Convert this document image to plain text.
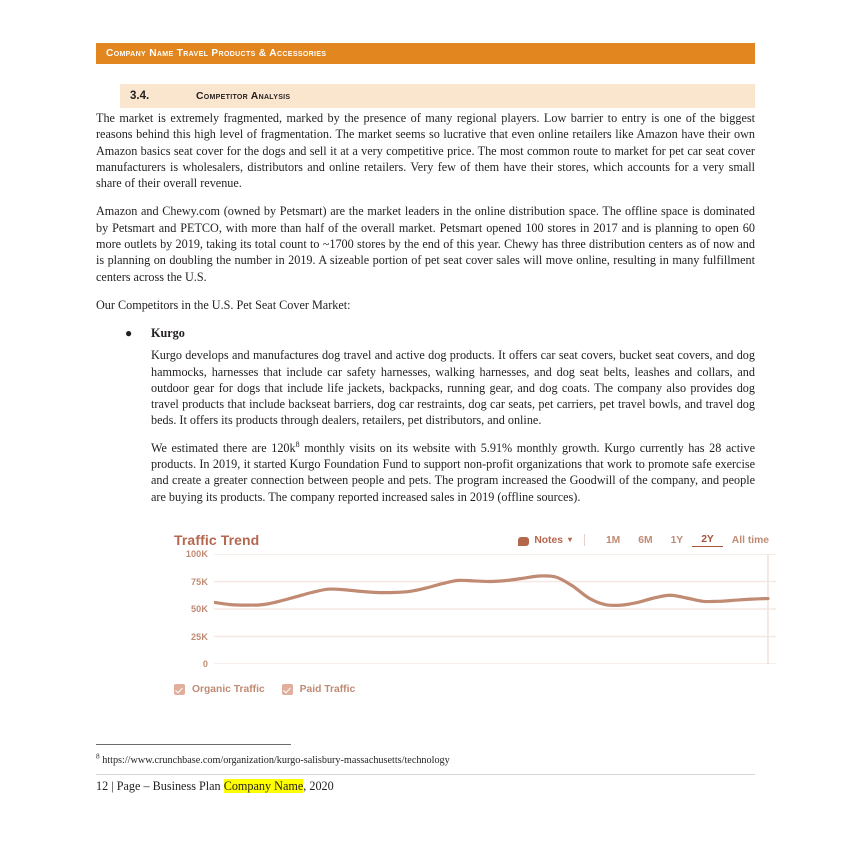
Company Name Travel Products & Accessories
3.4.	Competitor Analysis

The market is extremely fragmented, marked by the presence of many regional players. Low barrier to entry is one of the biggest reasons behind this high level of fragmentation. The market seems so lucrative that even online retailers like Amazon have their own Amazon basics seat cover for the dogs and sell it at a very competitive price. The most common route to market for pet car seat cover manufacturers is wholesalers, distributors and online retailers. Very few of them have their stores, which accounts for a very small share of their overall revenue.

Amazon and Chewy.com (owned by Petsmart) are the market leaders in the online distribution space. The offline space is dominated by Petsmart and PETCO, with more than half of the overall market. Petsmart opened 100 stores in 2017 and is planning to open 60 more outlets by 2019, taking its total count to ~1700 stores by the end of this year. Chewy has three distribution centers as of now and is planning on doubling the number in 2019. A sizeable portion of pet seat cover sales will move online, resulting in many fulfillment centers across the U.S.

Our Competitors in the U.S. Pet Seat Cover Market:

●	Kurgo

Kurgo develops and manufactures dog travel and active dog products. It offers car seat covers, bucket seat covers, and dog hammocks, harnesses that include car safety harnesses, walking harnesses, and dog seat belts, leashes and collars, and outdoor gear for dogs that include life jackets, backpacks, running gear, and dog coats. The company also provides dog travel products that include backseat barriers, dog car restraints, dog car seats, pet carriers, pet travel bowls, and travel dog beds. It offers its products through dealers, retailers, pet distributors, and online.

We estimated there are 120k$^8$ monthly visits on its website with 5.91% monthly growth. Kurgo currently has 28 active products. In 2019, it started Kurgo Foundation Fund to support non-profit organizations that work to promote safe exercise and create a greater connection between people and pets. The program increased the Goodwill of the company, and people are buying its products. The company reported increased sales in 2019 (offline sources).

Traffic Trend	Notes ▾	1M	6M	1Y	2Y	All time
100K
75K
50K
25K
0
Organic Traffic	Paid Traffic
$^8$ https://www.crunchbase.com/organization/kurgo-salisbury-massachusetts/technology
12 | Page – Business Plan Company Name, 2020
